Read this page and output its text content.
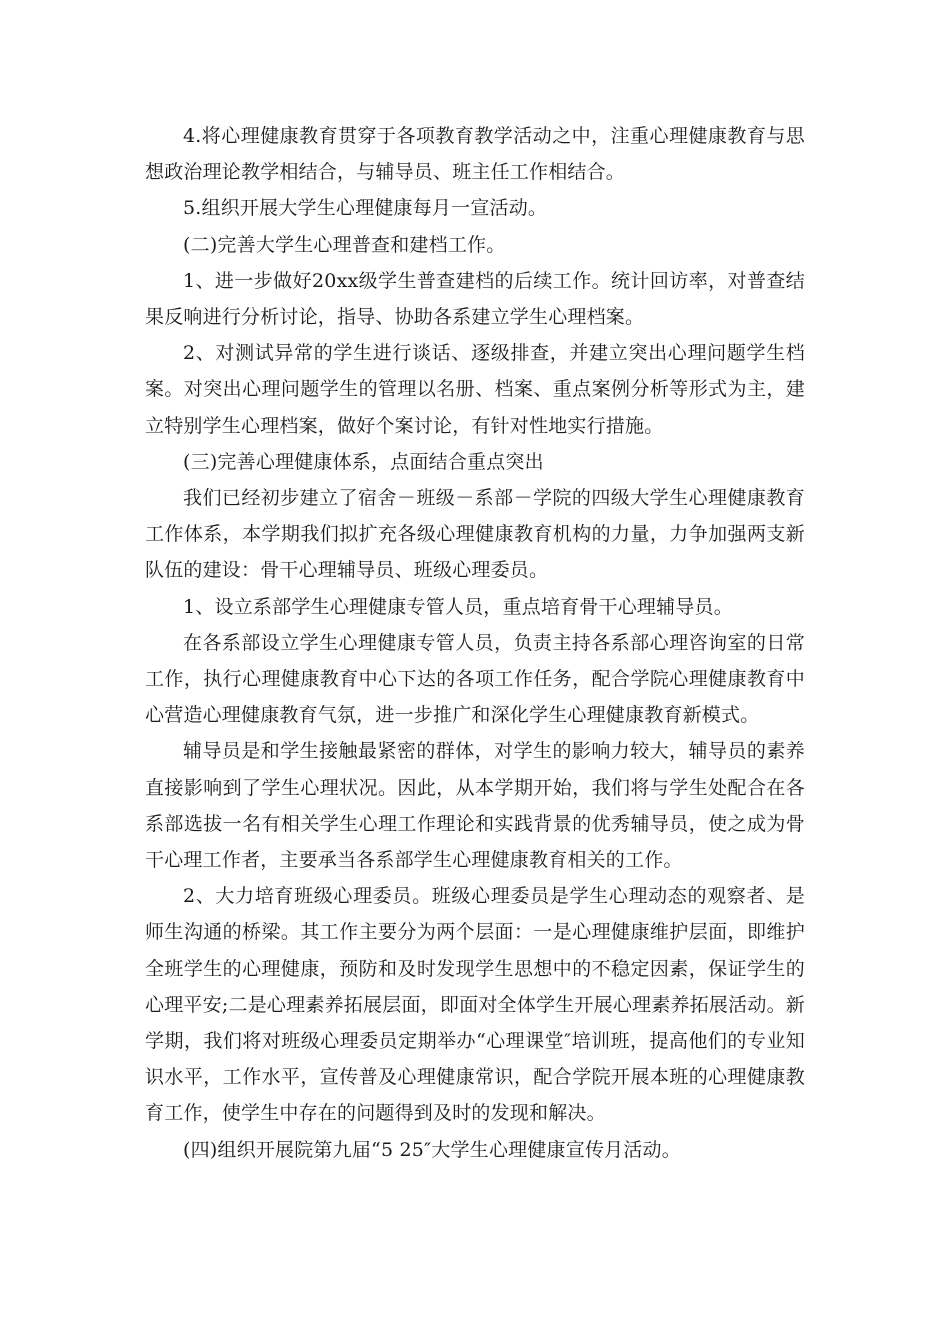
4.将心理健康教育贯穿于各项教育教学活动之中，注重心理健康教育与思想政治理论教学相结合，与辅导员、班主任工作相结合。

5.组织开展大学生心理健康每月一宣活动。

(二)完善大学生心理普查和建档工作。

1、进一步做好20xx级学生普查建档的后续工作。统计回访率，对普查结果反响进行分析讨论，指导、协助各系建立学生心理档案。

2、对测试异常的学生进行谈话、逐级排查，并建立突出心理问题学生档案。对突出心理问题学生的管理以名册、档案、重点案例分析等形式为主，建立特别学生心理档案，做好个案讨论，有针对性地实行措施。

(三)完善心理健康体系，点面结合重点突出

我们已经初步建立了宿舍－班级－系部－学院的四级大学生心理健康教育工作体系，本学期我们拟扩充各级心理健康教育机构的力量，力争加强两支新队伍的建设：骨干心理辅导员、班级心理委员。

1、设立系部学生心理健康专管人员，重点培育骨干心理辅导员。

在各系部设立学生心理健康专管人员，负责主持各系部心理咨询室的日常工作，执行心理健康教育中心下达的各项工作任务，配合学院心理健康教育中心营造心理健康教育气氛，进一步推广和深化学生心理健康教育新模式。

辅导员是和学生接触最紧密的群体，对学生的影响力较大，辅导员的素养直接影响到了学生心理状况。因此，从本学期开始，我们将与学生处配合在各系部选拔一名有相关学生心理工作理论和实践背景的优秀辅导员，使之成为骨干心理工作者，主要承当各系部学生心理健康教育相关的工作。

2、大力培育班级心理委员。班级心理委员是学生心理动态的观察者、是师生沟通的桥梁。其工作主要分为两个层面：一是心理健康维护层面，即维护全班学生的心理健康，预防和及时发现学生思想中的不稳定因素，保证学生的心理平安;二是心理素养拓展层面，即面对全体学生开展心理素养拓展活动。新学期，我们将对班级心理委员定期举办“心理课堂″培训班，提高他们的专业知识水平，工作水平，宣传普及心理健康常识，配合学院开展本班的心理健康教育工作，使学生中存在的问题得到及时的发现和解决。

(四)组织开展院第九届“5 25″大学生心理健康宣传月活动。
